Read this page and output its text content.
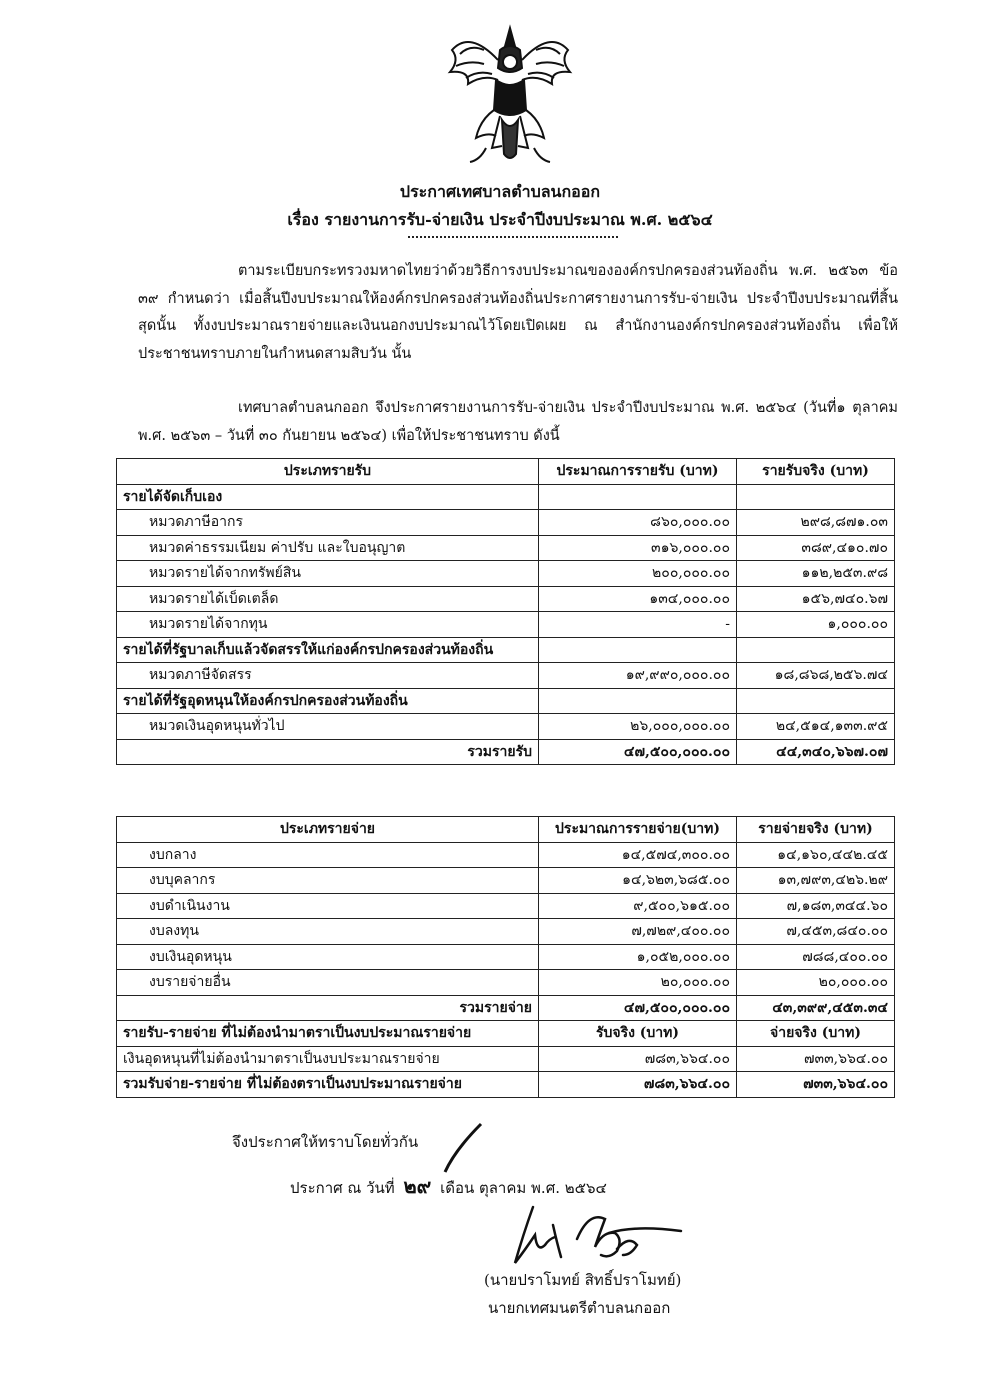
ประกาศเทศบาลตำบลนกออก
เรื่อง รายงานการรับ-จ่ายเงิน ประจำปีงบประมาณ พ.ศ. ๒๕๖๔
ตามระเบียบกระทรวงมหาดไทยว่าด้วยวิธีการงบประมาณขององค์กรปกครองส่วนท้องถิ่น พ.ศ. ๒๕๖๓ ข้อ ๓๙ กำหนดว่า เมื่อสิ้นปีงบประมาณให้องค์กรปกครองส่วนท้องถิ่นประกาศรายงานการรับ-จ่ายเงิน ประจำปีงบประมาณที่สิ้นสุดนั้น ทั้งงบประมาณรายจ่ายและเงินนอกงบประมาณไว้โดยเปิดเผย ณ สำนักงานองค์กรปกครองส่วนท้องถิ่น เพื่อให้ประชาชนทราบภายในกำหนดสามสิบวัน นั้น
เทศบาลตำบลนกออก จึงประกาศรายงานการรับ-จ่ายเงิน ประจำปีงบประมาณ พ.ศ. ๒๕๖๔ (วันที่๑ ตุลาคม พ.ศ. ๒๕๖๓ – วันที่ ๓๐ กันยายน ๒๕๖๔) เพื่อให้ประชาชนทราบ ดังนี้
ประเภทรายรับ	ประมาณการรายรับ (บาท)	รายรับจริง (บาท)
รายได้จัดเก็บเอง		
หมวดภาษีอากร	๘๖๐,๐๐๐.๐๐	๒๙๘,๘๗๑.๐๓
หมวดค่าธรรมเนียม ค่าปรับ และใบอนุญาต	๓๑๖,๐๐๐.๐๐	๓๘๙,๔๑๐.๗๐
หมวดรายได้จากทรัพย์สิน	๒๐๐,๐๐๐.๐๐	๑๑๒,๒๕๓.๙๘
หมวดรายได้เบ็ดเตล็ด	๑๓๔,๐๐๐.๐๐	๑๕๖,๗๔๐.๖๗
หมวดรายได้จากทุน	-	๑,๐๐๐.๐๐
รายได้ที่รัฐบาลเก็บแล้วจัดสรรให้แก่องค์กรปกครองส่วนท้องถิ่น		
หมวดภาษีจัดสรร	๑๙,๙๙๐,๐๐๐.๐๐	๑๘,๘๖๘,๒๕๖.๗๔
รายได้ที่รัฐอุดหนุนให้องค์กรปกครองส่วนท้องถิ่น		
หมวดเงินอุดหนุนทั่วไป	๒๖,๐๐๐,๐๐๐.๐๐	๒๔,๕๑๔,๑๓๓.๙๕
รวมรายรับ	๔๗,๕๐๐,๐๐๐.๐๐	๔๔,๓๔๐,๖๖๗.๐๗
ประเภทรายจ่าย	ประมาณการรายจ่าย(บาท)	รายจ่ายจริง (บาท)
งบกลาง	๑๔,๕๗๔,๓๐๐.๐๐	๑๔,๑๖๐,๔๔๒.๔๕
งบบุคลากร	๑๔,๖๒๓,๖๘๕.๐๐	๑๓,๗๙๓,๔๒๖.๒๙
งบดำเนินงาน	๙,๕๐๐,๖๑๕.๐๐	๗,๑๘๓,๓๔๔.๖๐
งบลงทุน	๗,๗๒๙,๔๐๐.๐๐	๗,๔๕๓,๘๔๐.๐๐
งบเงินอุดหนุน	๑,๐๕๒,๐๐๐.๐๐	๗๘๘,๔๐๐.๐๐
งบรายจ่ายอื่น	๒๐,๐๐๐.๐๐	๒๐,๐๐๐.๐๐
รวมรายจ่าย	๔๗,๕๐๐,๐๐๐.๐๐	๔๓,๓๙๙,๔๕๓.๓๔
รายรับ-รายจ่าย ที่ไม่ต้องนำมาตราเป็นงบประมาณรายจ่าย	รับจริง (บาท)	จ่ายจริง (บาท)
เงินอุดหนุนที่ไม่ต้องนำมาตราเป็นงบประมาณรายจ่าย	๗๘๓,๖๖๔.๐๐	๗๓๓,๖๖๔.๐๐
รวมรับจ่าย-รายจ่าย ที่ไม่ต้องตราเป็นงบประมาณรายจ่าย	๗๘๓,๖๖๔.๐๐	๗๓๓,๖๖๔.๐๐
จึงประกาศให้ทราบโดยทั่วกัน
ประกาศ ณ วันที่ ๒๙ เดือน ตุลาคม พ.ศ. ๒๕๖๔
(นายปราโมทย์ สิทธิ์ปราโมทย์)
นายกเทศมนตรีตำบลนกออก
